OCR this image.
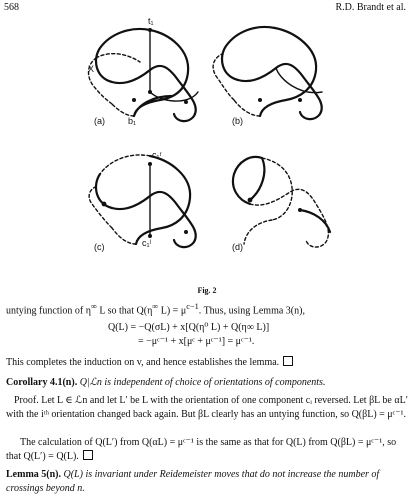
568	R.D. Brandt et al.
t₁
X
b₁
(a)	(b)
c₁ʳ
c₁ˡ
(c)	(d)
Fig. 2
untying function of η∞ L so that Q(η∞ $L) = \mu^{c-1}$. Thus, using Lemma 3(n),
Q(L) = −Q(σL) + x[Q(η⁰ L) + Q(η∞ L)]
= −μᶜ⁻¹ + x[μᶜ + μᶜ⁻¹] = μᶜ⁻¹.
This completes the induction on v, and hence establishes the lemma.
Corollary 4.1(n). Q|ℒn is independent of choice of orientations of components.
Proof. Let L ∈ ℒn and let L′ be L with the orientation of one component cᵢ reversed. Let βL be αL′ with the iᵗʰ orientation changed back again. But βL clearly has an untying function, so Q(βL) = μᶜ⁻¹.
The calculation of Q(L′) from Q(αL) = μᶜ⁻¹ is the same as that for Q(L) from Q(βL) = μᶜ⁻¹, so that Q(L′) = Q(L).
Lemma 5(n). Q(L) is invariant under Reidemeister moves that do not increase the number of crossings beyond n.
